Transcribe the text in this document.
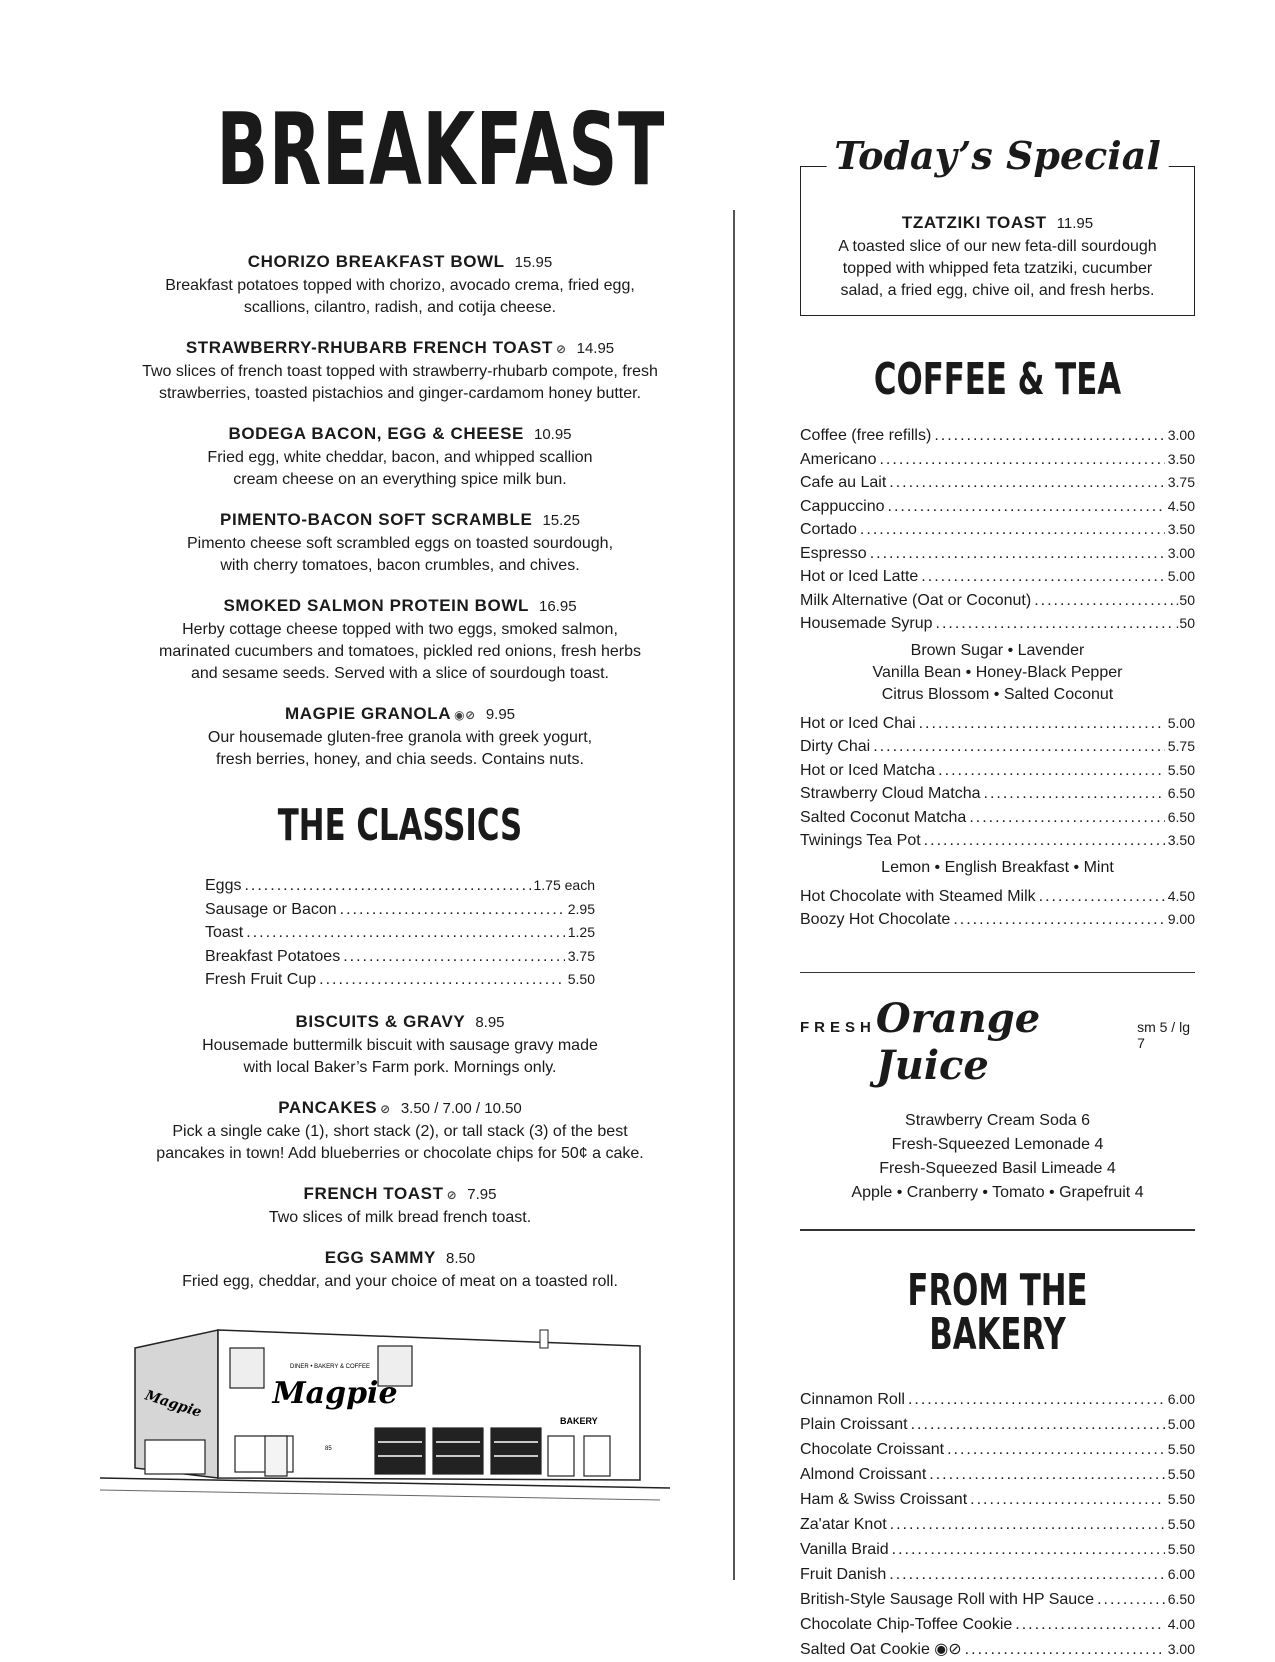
BREAKFAST
CHORIZO BREAKFAST BOWL 15.95
Breakfast potatoes topped with chorizo, avocado crema, fried egg,
scallions, cilantro, radish, and cotija cheese.
STRAWBERRY-RHUBARB FRENCH TOAST ⊘ 14.95
Two slices of french toast topped with strawberry-rhubarb compote, fresh
strawberries, toasted pistachios and ginger-cardamom honey butter.
BODEGA BACON, EGG & CHEESE 10.95
Fried egg, white cheddar, bacon, and whipped scallion
cream cheese on an everything spice milk bun.
PIMENTO-BACON SOFT SCRAMBLE 15.25
Pimento cheese soft scrambled eggs on toasted sourdough,
with cherry tomatoes, bacon crumbles, and chives.
SMOKED SALMON PROTEIN BOWL 16.95
Herby cottage cheese topped with two eggs, smoked salmon,
marinated cucumbers and tomatoes, pickled red onions, fresh herbs
and sesame seeds. Served with a slice of sourdough toast.
MAGPIE GRANOLA ◉⊘ 9.95
Our housemade gluten-free granola with greek yogurt,
fresh berries, honey, and chia seeds. Contains nuts.
THE CLASSICS
Eggs .....	1.75 each
Sausage or Bacon .....	2.95
Toast .....	1.25
Breakfast Potatoes .....	3.75
Fresh Fruit Cup .....	5.50
BISCUITS & GRAVY 8.95
Housemade buttermilk biscuit with sausage gravy made
with local Baker’s Farm pork. Mornings only.
PANCAKES ⊘ 3.50 / 7.00 / 10.50
Pick a single cake (1), short stack (2), or tall stack (3) of the best
pancakes in town! Add blueberries or chocolate chips for 50¢ a cake.
FRENCH TOAST ⊘ 7.95
Two slices of milk bread french toast.
EGG SAMMY 8.50
Fried egg, cheddar, and your choice of meat on a toasted roll.
DINER • BAKERY & COFFEE
Magpie
Magpie
BAKERY
85
Today’s Special
TZATZIKI TOAST 11.95
A toasted slice of our new feta-dill sourdough
topped with whipped feta tzatziki, cucumber
salad, a fried egg, chive oil, and fresh herbs.
COFFEE & TEA
Coffee (free refills) .....	3.00
Americano .....	3.50
Cafe au Lait .....	3.75
Cappuccino .....	4.50
Cortado .....	3.50
Espresso .....	3.00
Hot or Iced Latte .....	5.00
Milk Alternative (Oat or Coconut) .....	.50
Housemade Syrup .....	.50
Brown Sugar • Lavender
Vanilla Bean • Honey-Black Pepper
Citrus Blossom • Salted Coconut
Hot or Iced Chai .....	5.00
Dirty Chai .....	5.75
Hot or Iced Matcha .....	5.50
Strawberry Cloud Matcha .....	6.50
Salted Coconut Matcha .....	6.50
Twinings Tea Pot .....	3.50
Lemon • English Breakfast • Mint
Hot Chocolate with Steamed Milk .....	4.50
Boozy Hot Chocolate .....	9.00
FRESH Orange Juice
sm 5 / lg 7
Strawberry Cream Soda 6
Fresh-Squeezed Lemonade 4
Fresh-Squeezed Basil Limeade 4
Apple • Cranberry • Tomato • Grapefruit 4
FROM THE BAKERY
Cinnamon Roll .....	6.00
Plain Croissant .....	5.00
Chocolate Croissant .....	5.50
Almond Croissant .....	5.50
Ham & Swiss Croissant .....	5.50
Za'atar Knot .....	5.50
Vanilla Braid .....	5.50
Fruit Danish .....	6.00
British-Style Sausage Roll with HP Sauce .....	6.50
Chocolate Chip-Toffee Cookie .....	4.00
Salted Oat Cookie ◉⊘ .....	3.00
